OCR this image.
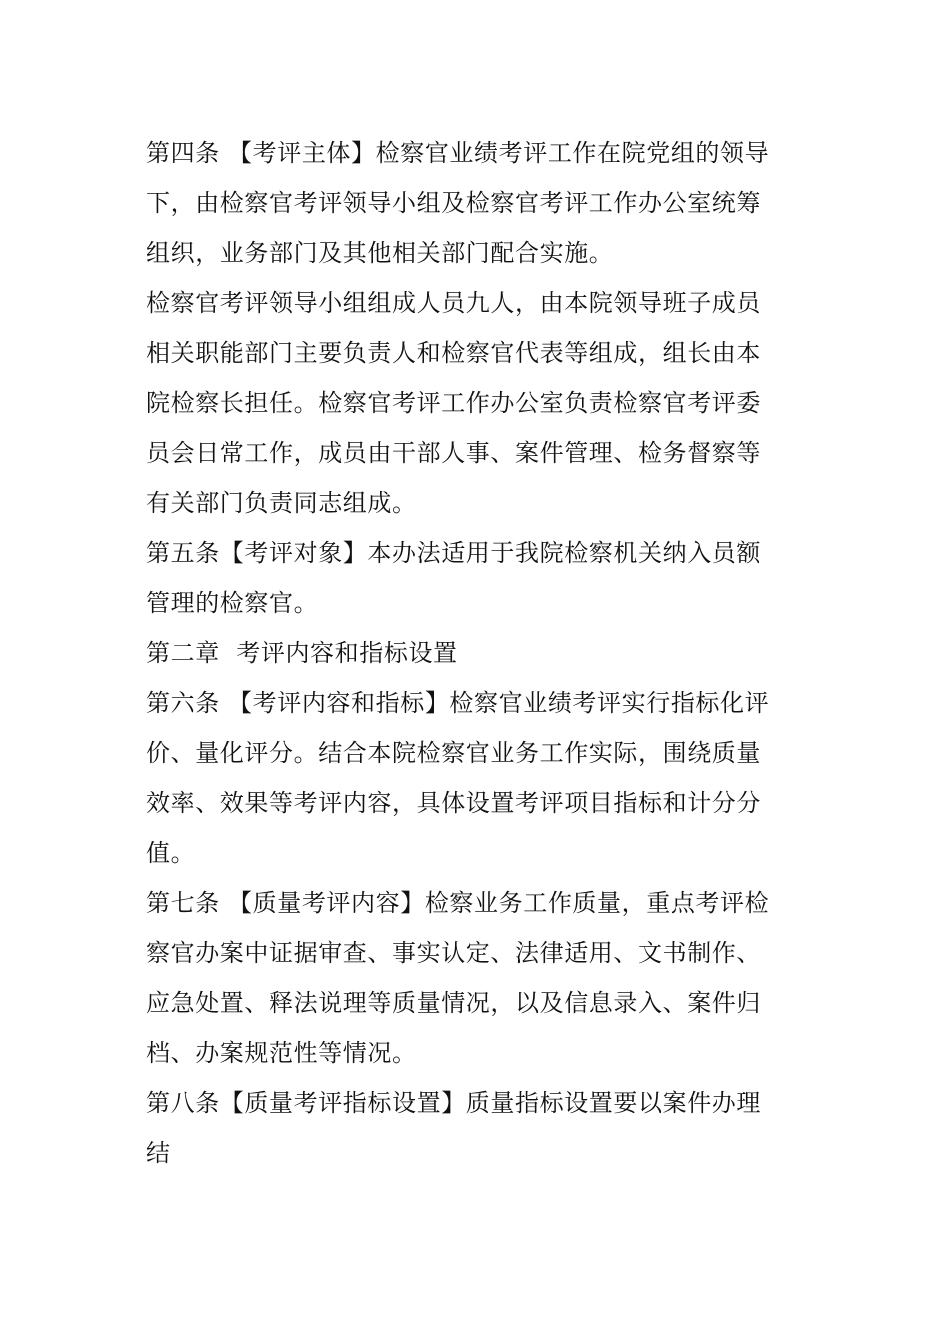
第四条 【考评主体】检察官业绩考评工作在院党组的领导
下，由检察官考评领导小组及检察官考评工作办公室统筹
组织，业务部门及其他相关部门配合实施。
检察官考评领导小组组成人员九人，由本院领导班子成员
相关职能部门主要负责人和检察官代表等组成，组长由本
院检察长担任。检察官考评工作办公室负责检察官考评委
员会日常工作，成员由干部人事、案件管理、检务督察等
有关部门负责同志组成。
第五条【考评对象】本办法适用于我院检察机关纳入员额
管理的检察官。
第二章  考评内容和指标设置
第六条 【考评内容和指标】检察官业绩考评实行指标化评
价、量化评分。结合本院检察官业务工作实际，围绕质量
效率、效果等考评内容，具体设置考评项目指标和计分分
值。
第七条 【质量考评内容】检察业务工作质量，重点考评检
察官办案中证据审查、事实认定、法律适用、文书制作、
应急处置、释法说理等质量情况，以及信息录入、案件归
档、办案规范性等情况。
第八条【质量考评指标设置】质量指标设置要以案件办理
结
